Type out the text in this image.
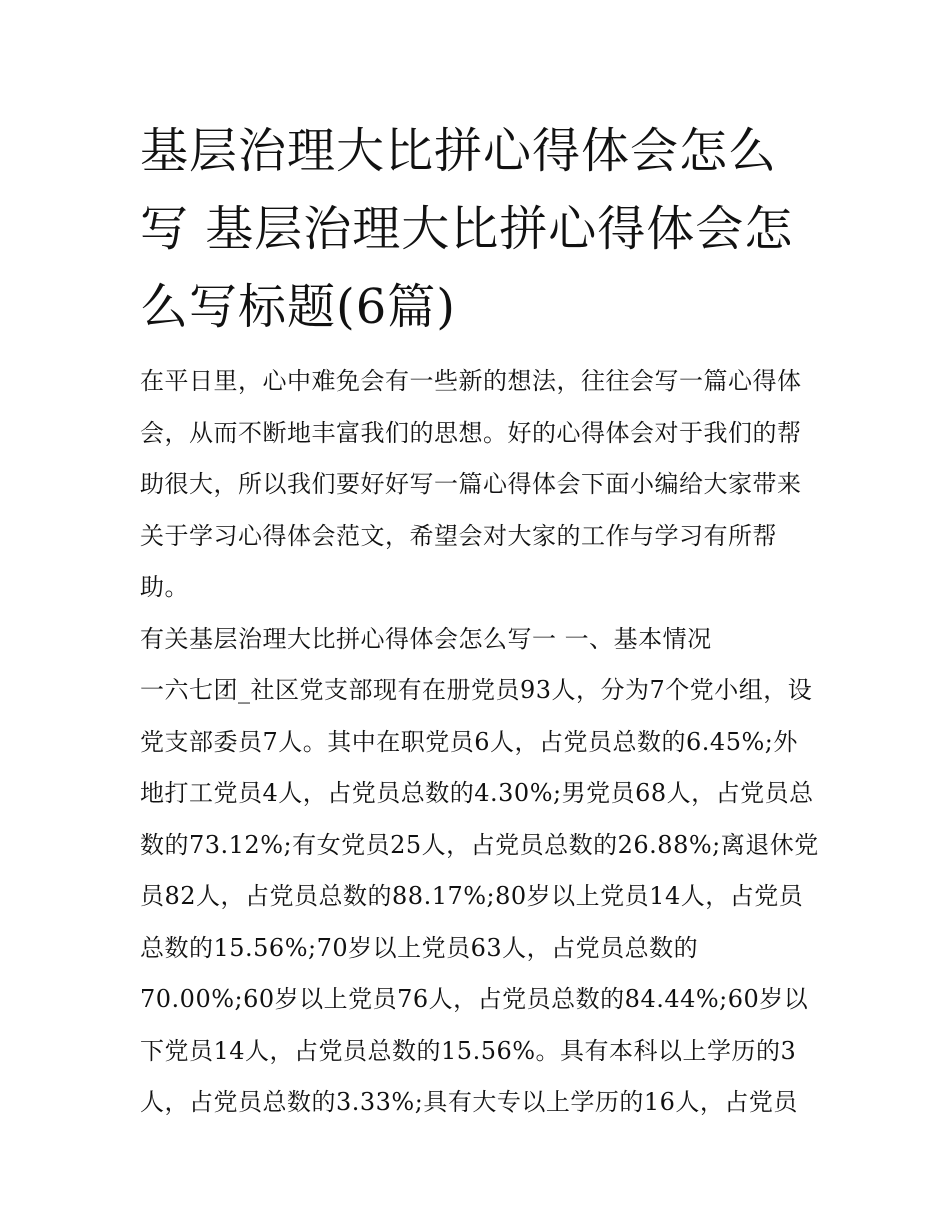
基层治理大比拼心得体会怎么写 基层治理大比拼心得体会怎么写标题(6篇)

在平日里，心中难免会有一些新的想法，往往会写一篇心得体会，从而不断地丰富我们的思想。好的心得体会对于我们的帮助很大，所以我们要好好写一篇心得体会下面小编给大家带来关于学习心得体会范文，希望会对大家的工作与学习有所帮助。

有关基层治理大比拼心得体会怎么写一 一、基本情况

一六七团_社区党支部现有在册党员93人，分为7个党小组，设党支部委员7人。其中在职党员6人，占党员总数的6.45%;外地打工党员4人，占党员总数的4.30%;男党员68人，占党员总数的73.12%;有女党员25人，占党员总数的26.88%;离退休党员82人，占党员总数的88.17%;80岁以上党员14人，占党员总数的15.56%;70岁以上党员63人，占党员总数的70.00%;60岁以上党员76人，占党员总数的84.44%;60岁以下党员14人，占党员总数的15.56%。具有本科以上学历的3人，占党员总数的3.33%;具有大专以上学历的16人，占党员
